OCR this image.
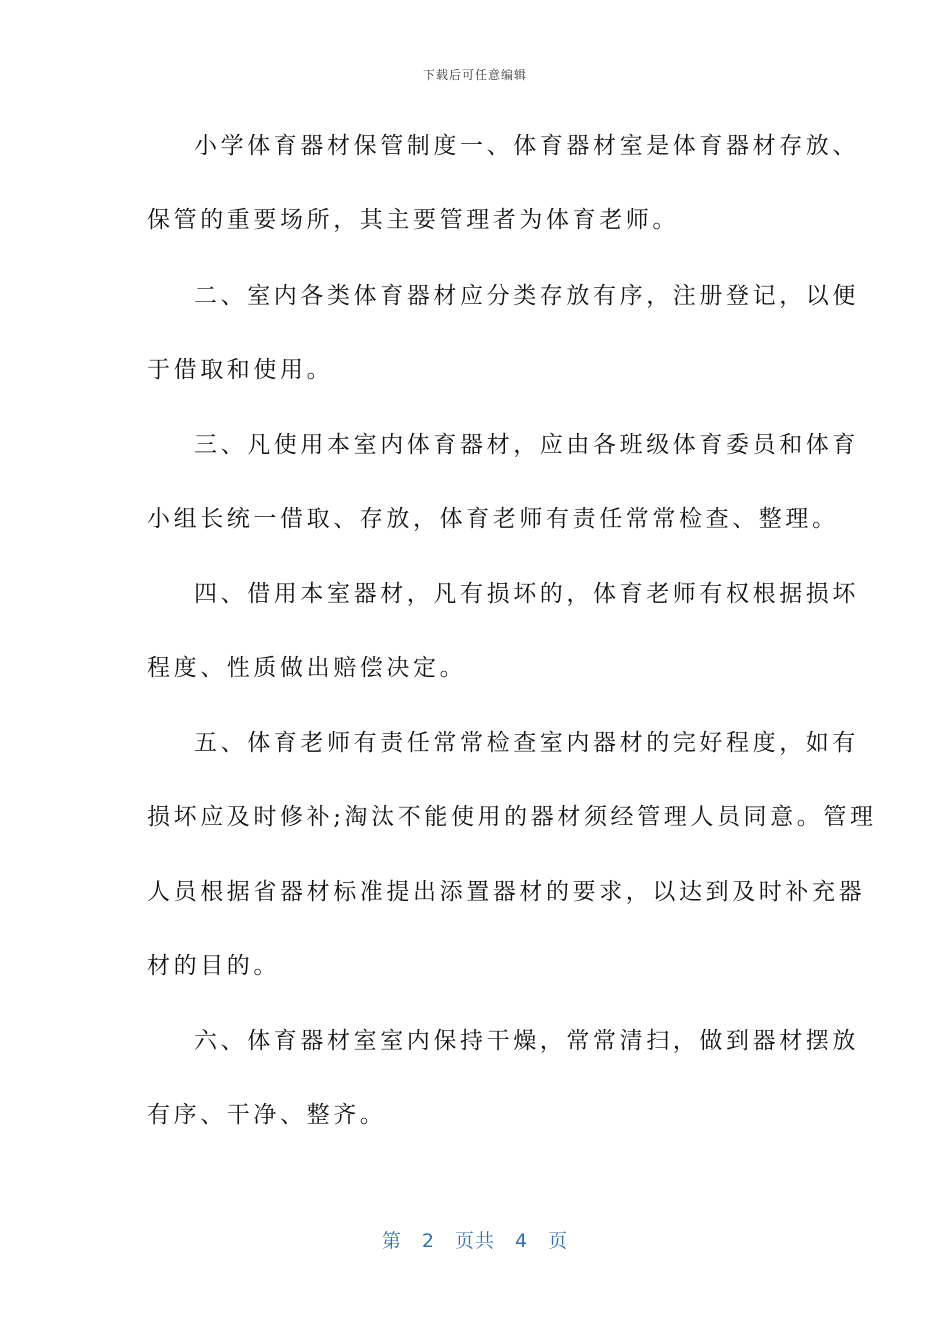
下载后可任意编辑
小学体育器材保管制度一、体育器材室是体育器材存放、
保管的重要场所，其主要管理者为体育老师。
二、室内各类体育器材应分类存放有序，注册登记，以便
于借取和使用。
三、凡使用本室内体育器材，应由各班级体育委员和体育
小组长统一借取、存放，体育老师有责任常常检查、整理。
四、借用本室器材，凡有损坏的，体育老师有权根据损坏
程度、性质做出赔偿决定。
五、体育老师有责任常常检查室内器材的完好程度，如有
损坏应及时修补;淘汰不能使用的器材须经管理人员同意。管理
人员根据省器材标准提出添置器材的要求，以达到及时补充器
材的目的。
六、体育器材室室内保持干燥，常常清扫，做到器材摆放
有序、干净、整齐。
第 2 页共 4 页
